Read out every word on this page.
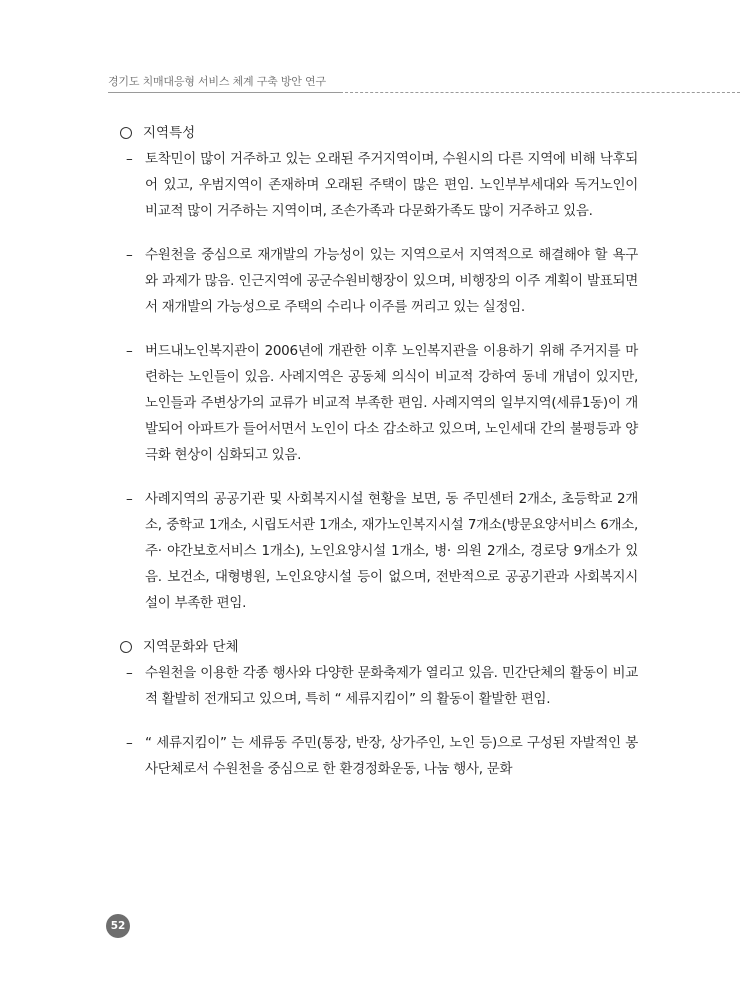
경기도 치매대응형 서비스 체계 구축 방안 연구
지역특성
– 토착민이 많이 거주하고 있는 오래된 주거지역이며, 수원시의 다른 지역에 비해 낙후되어 있고, 우범지역이 존재하며 오래된 주택이 많은 편임. 노인부부세대와 독거노인이 비교적 많이 거주하는 지역이며, 조손가족과 다문화가족도 많이 거주하고 있음.
– 수원천을 중심으로 재개발의 가능성이 있는 지역으로서 지역적으로 해결해야 할 욕구와 과제가 많음. 인근지역에 공군수원비행장이 있으며, 비행장의 이주 계획이 발표되면서 재개발의 가능성으로 주택의 수리나 이주를 꺼리고 있는 실정임.
– 버드내노인복지관이 2006년에 개관한 이후 노인복지관을 이용하기 위해 주거지를 마련하는 노인들이 있음. 사례지역은 공동체 의식이 비교적 강하여 동네 개념이 있지만, 노인들과 주변상가의 교류가 비교적 부족한 편임. 사례지역의 일부지역(세류1동)이 개발되어 아파트가 들어서면서 노인이 다소 감소하고 있으며, 노인세대 간의 불평등과 양극화 현상이 심화되고 있음.
– 사례지역의 공공기관 및 사회복지시설 현황을 보면, 동 주민센터 2개소, 초등학교 2개소, 중학교 1개소, 시립도서관 1개소, 재가노인복지시설 7개소(방문요양서비스 6개소, 주· 야간보호서비스 1개소), 노인요양시설 1개소, 병· 의원 2개소, 경로당 9개소가 있음. 보건소, 대형병원, 노인요양시설 등이 없으며, 전반적으로 공공기관과 사회복지시설이 부족한 편임.
지역문화와 단체
– 수원천을 이용한 각종 행사와 다양한 문화축제가 열리고 있음. 민간단체의 활동이 비교적 활발히 전개되고 있으며, 특히 “ 세류지킴이” 의 활동이 활발한 편임.
– “ 세류지킴이” 는 세류동 주민(통장, 반장, 상가주인, 노인 등)으로 구성된 자발적인 봉사단체로서 수원천을 중심으로 한 환경정화운동, 나눔 행사, 문화
52
